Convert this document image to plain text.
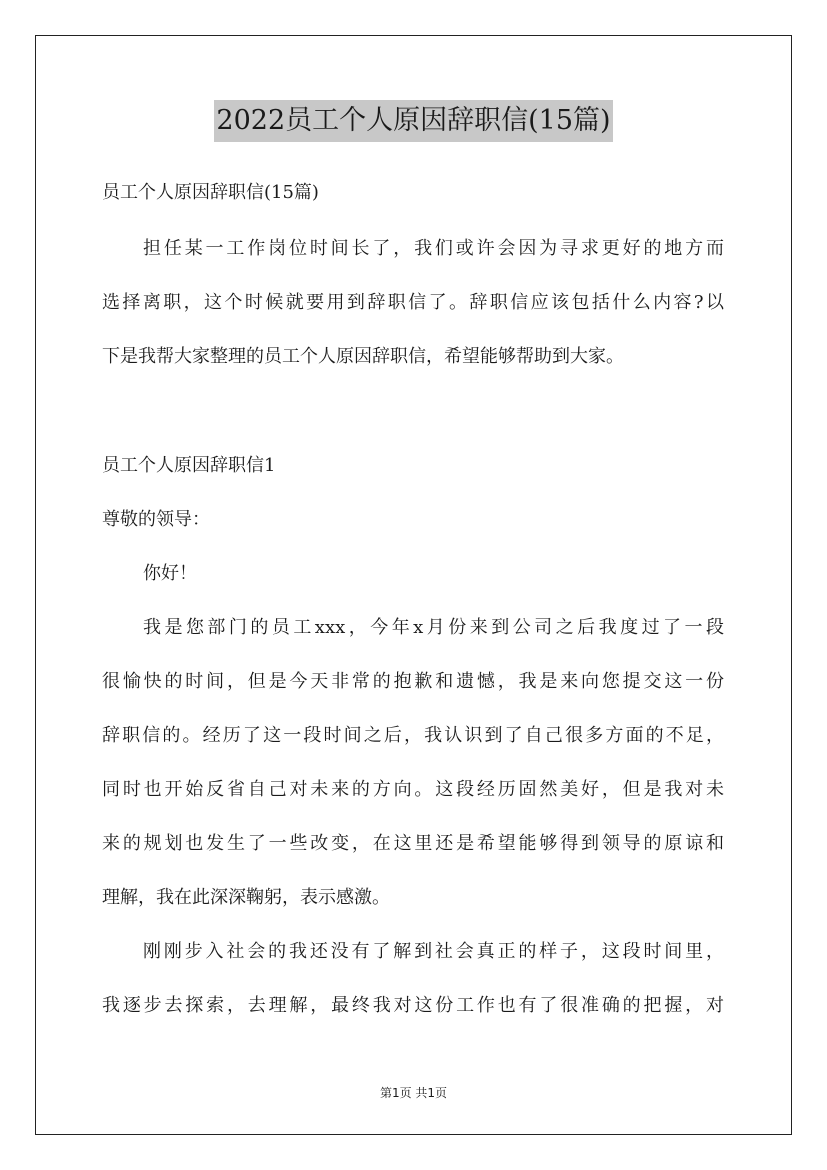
2022员工个人原因辞职信(15篇)
员工个人原因辞职信(15篇)
担任某一工作岗位时间长了，我们或许会因为寻求更好的地方而
选择离职，这个时候就要用到辞职信了。辞职信应该包括什么内容?以
下是我帮大家整理的员工个人原因辞职信，希望能够帮助到大家。
员工个人原因辞职信1
尊敬的领导：
你好！
我是您部门的员工xxx，今年x月份来到公司之后我度过了一段
很愉快的时间，但是今天非常的抱歉和遗憾，我是来向您提交这一份
辞职信的。经历了这一段时间之后，我认识到了自己很多方面的不足，
同时也开始反省自己对未来的方向。这段经历固然美好，但是我对未
来的规划也发生了一些改变，在这里还是希望能够得到领导的原谅和
理解，我在此深深鞠躬，表示感激。
刚刚步入社会的我还没有了解到社会真正的样子，这段时间里，
我逐步去探索，去理解，最终我对这份工作也有了很准确的把握，对
第1页 共1页
